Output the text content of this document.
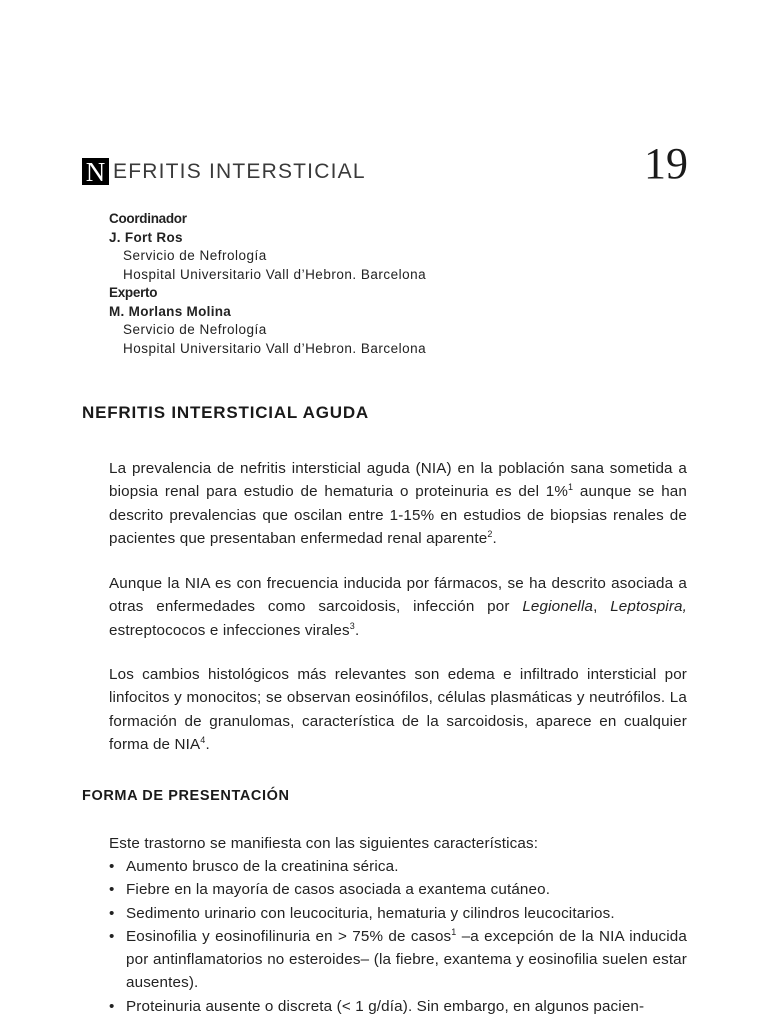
N EFRITIS INTERSTICIAL	19
Coordinador
J. Fort Ros
Servicio de Nefrología
Hospital Universitario Vall d’Hebron. Barcelona
Experto
M. Morlans Molina
Servicio de Nefrología
Hospital Universitario Vall d’Hebron. Barcelona
NEFRITIS INTERSTICIAL AGUDA

La prevalencia de nefritis intersticial aguda (NIA) en la población sana sometida a biopsia renal para estudio de hematuria o proteinuria es del 1%$^1$ aunque se han descrito prevalencias que oscilan entre 1-15% en estudios de biopsias renales de pacientes que presentaban enfermedad renal aparente$^2$.

Aunque la NIA es con frecuencia inducida por fármacos, se ha descrito asociada a otras enfermedades como sarcoidosis, infección por Legionella, Leptospira, estreptococos e infecciones virales$^3$.

Los cambios histológicos más relevantes son edema e infiltrado intersticial por linfocitos y monocitos; se observan eosinófilos, células plasmáticas y neutrófilos. La formación de granulomas, característica de la sarcoidosis, aparece en cualquier forma de NIA$^4$.

FORMA DE PRESENTACIÓN
Este trastorno se manifiesta con las siguientes características:
• Aumento brusco de la creatinina sérica.
• Fiebre en la mayoría de casos asociada a exantema cutáneo.
• Sedimento urinario con leucocituria, hematuria y cilindros leucocitarios.
• Eosinofilia y eosinofilinuria en > 75% de casos$^1$ –a excepción de la NIA inducida por antinflamatorios no esteroides– (la fiebre, exantema y eosinofilia suelen estar ausentes).
• Proteinuria ausente o discreta (< 1 g/día). Sin embargo, en algunos pacien-
